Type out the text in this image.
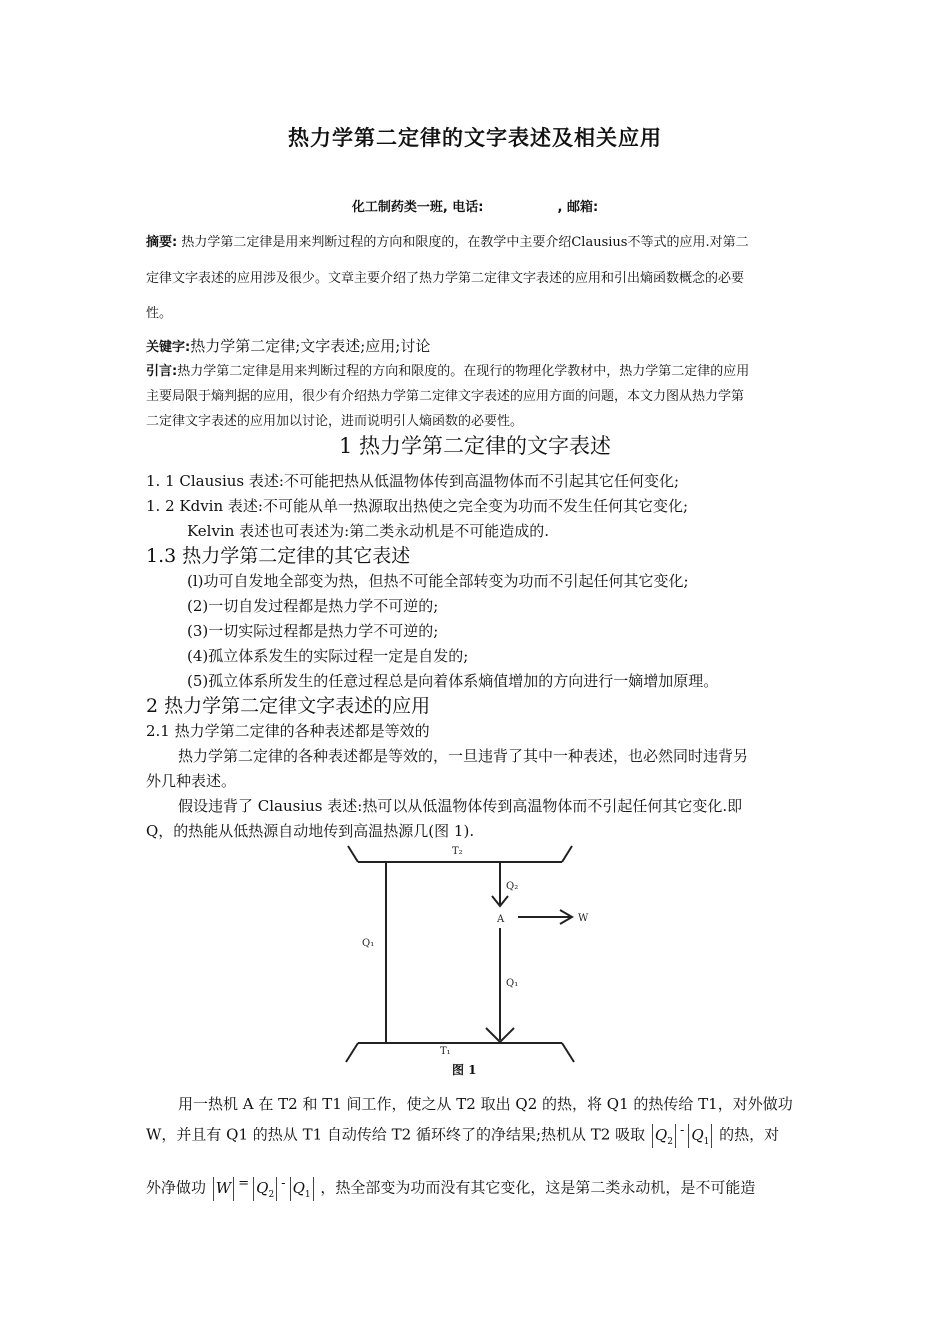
热力学第二定律的文字表述及相关应用
化工制药类一班, 电话:	, 邮箱:
摘要: 热力学第二定律是用来判断过程的方向和限度的，在教学中主要介绍Clausius不等式的应用.对第二
定律文字表述的应用涉及很少。文章主要介绍了热力学第二定律文字表述的应用和引出熵函数概念的必要
性。
关键字:热力学第二定律;文字表述;应用;讨论
引言:热力学第二定律是用来判断过程的方向和限度的。在现行的物理化学教材中，热力学第二定律的应用
主要局限于熵判据的应用，很少有介绍热力学第二定律文字表述的应用方面的问题，本文力图从热力学第
二定律文字表述的应用加以讨论，进而说明引人熵函数的必要性。
1 热力学第二定律的文字表述
1. 1 Clausius 表述:不可能把热从低温物体传到高温物体而不引起其它任何变化;
1. 2 Kdvin 表述:不可能从单一热源取出热使之完全变为功而不发生任何其它变化;
Kelvin 表述也可表述为:第二类永动机是不可能造成的.
1.3 热力学第二定律的其它表述
(l)功可自发地全部变为热，但热不可能全部转变为功而不引起任何其它变化;
(2)一切自发过程都是热力学不可逆的;
(3)一切实际过程都是热力学不可逆的;
(4)孤立体系发生的实际过程一定是自发的;
(5)孤立体系所发生的任意过程总是向着体系熵值增加的方向进行一嫡增加原理。
2 热力学第二定律文字表述的应用
2.1 热力学第二定律的各种表述都是等效的
热力学第二定律的各种表述都是等效的，一旦违背了其中一种表述，也必然同时违背另
外几种表述。
假设违背了 Clausius 表述:热可以从低温物体传到高温物体而不引起任何其它变化.即
Q，的热能从低热源自动地传到高温热源几(图 1).
T₂
Q₂
A	W
Q₁
Q₁
T₁
图 1
用一热机 A 在 T2 和 T1 间工作，使之从 T2 取出 Q2 的热，将 Q1 的热传给 T1，对外做功
W，并且有 Q1 的热从 T1 自动传给 T2 循环终了的净结果;热机从 T2 吸取 $Q_2-$ $Q_1$ 的热，对
外净做功 $W = Q_2-$ $Q_1$ ，热全部变为功而没有其它变化，这是第二类永动机，是不可能造
